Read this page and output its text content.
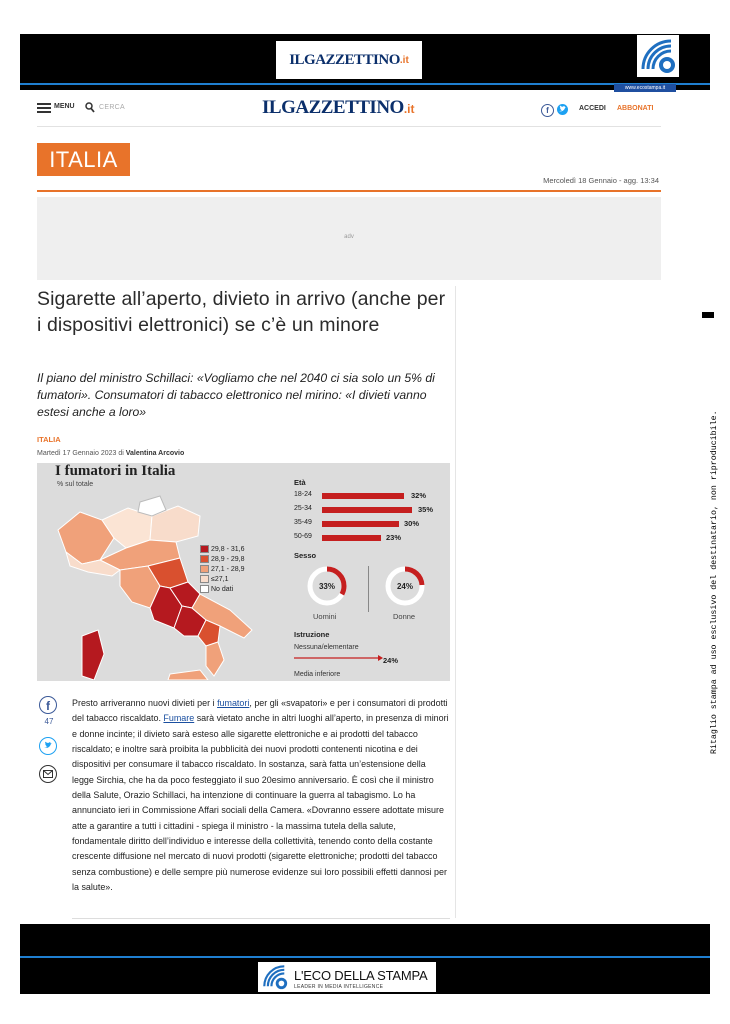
ILGAZZETTINO .it
www.ecostampa.it
Ritaglio stampa ad uso esclusivo del destinatario, non riproducibile.
MENU	CERCA	ILGAZZETTINO.it	f	ACCEDI ABBONATI
ITALIA
Mercoledì 18 Gennaio - agg. 13:34
adv
Sigarette all’aperto, divieto in arrivo (anche per i dispositivi elettronici) se c’è un minore
Il piano del ministro Schillaci: «Vogliamo che nel 2040 ci sia solo un 5% di fumatori». Consumatori di tabacco elettronico nel mirino: «I divieti vanno estesi anche a loro»
ITALIA
Martedì 17 Gennaio 2023 di Valentina Arcovio
I fumatori in Italia
% sul totale
29,8 - 31,6
28,9 - 29,8
27,1 - 28,9
≤27,1
No dati
Età
18-24	32%
25-34	35%
35-49	30%
50-69	23%
Sesso
33%	24%
Uomini	Donne
Istruzione
Nessuna/elementare
24%
Media inferiore
f
47
Presto arriveranno nuovi divieti per i fumatori, per gli «svapatori» e per i consumatori di prodotti del tabacco riscaldato. Fumare sarà vietato anche in altri luoghi all’aperto, in presenza di minori e donne incinte; il divieto sarà esteso alle sigarette elettroniche e ai prodotti del tabacco riscaldato; e inoltre sarà proibita la pubblicità dei nuovi prodotti contenenti nicotina e dei dispositivi per consumare il tabacco riscaldato. In sostanza, sarà fatta un’estensione della legge Sirchia, che ha da poco festeggiato il suo 20esimo anniversario. È così che il ministro della Salute, Orazio Schillaci, ha intenzione di continuare la guerra al tabagismo. Lo ha annunciato ieri in Commissione Affari sociali della Camera. «Dovranno essere adottate misure atte a garantire a tutti i cittadini - spiega il ministro - la massima tutela della salute, fondamentale diritto dell’individuo e interesse della collettività, tenendo conto della costante crescente diffusione nel mercato di nuovi prodotti (sigarette elettroniche; prodotti del tabacco senza combustione) e delle sempre più numerose evidenze sui loro possibili effetti dannosi per la salute».
L'ECO DELLA STAMPA
LEADER IN MEDIA INTELLIGENCE
